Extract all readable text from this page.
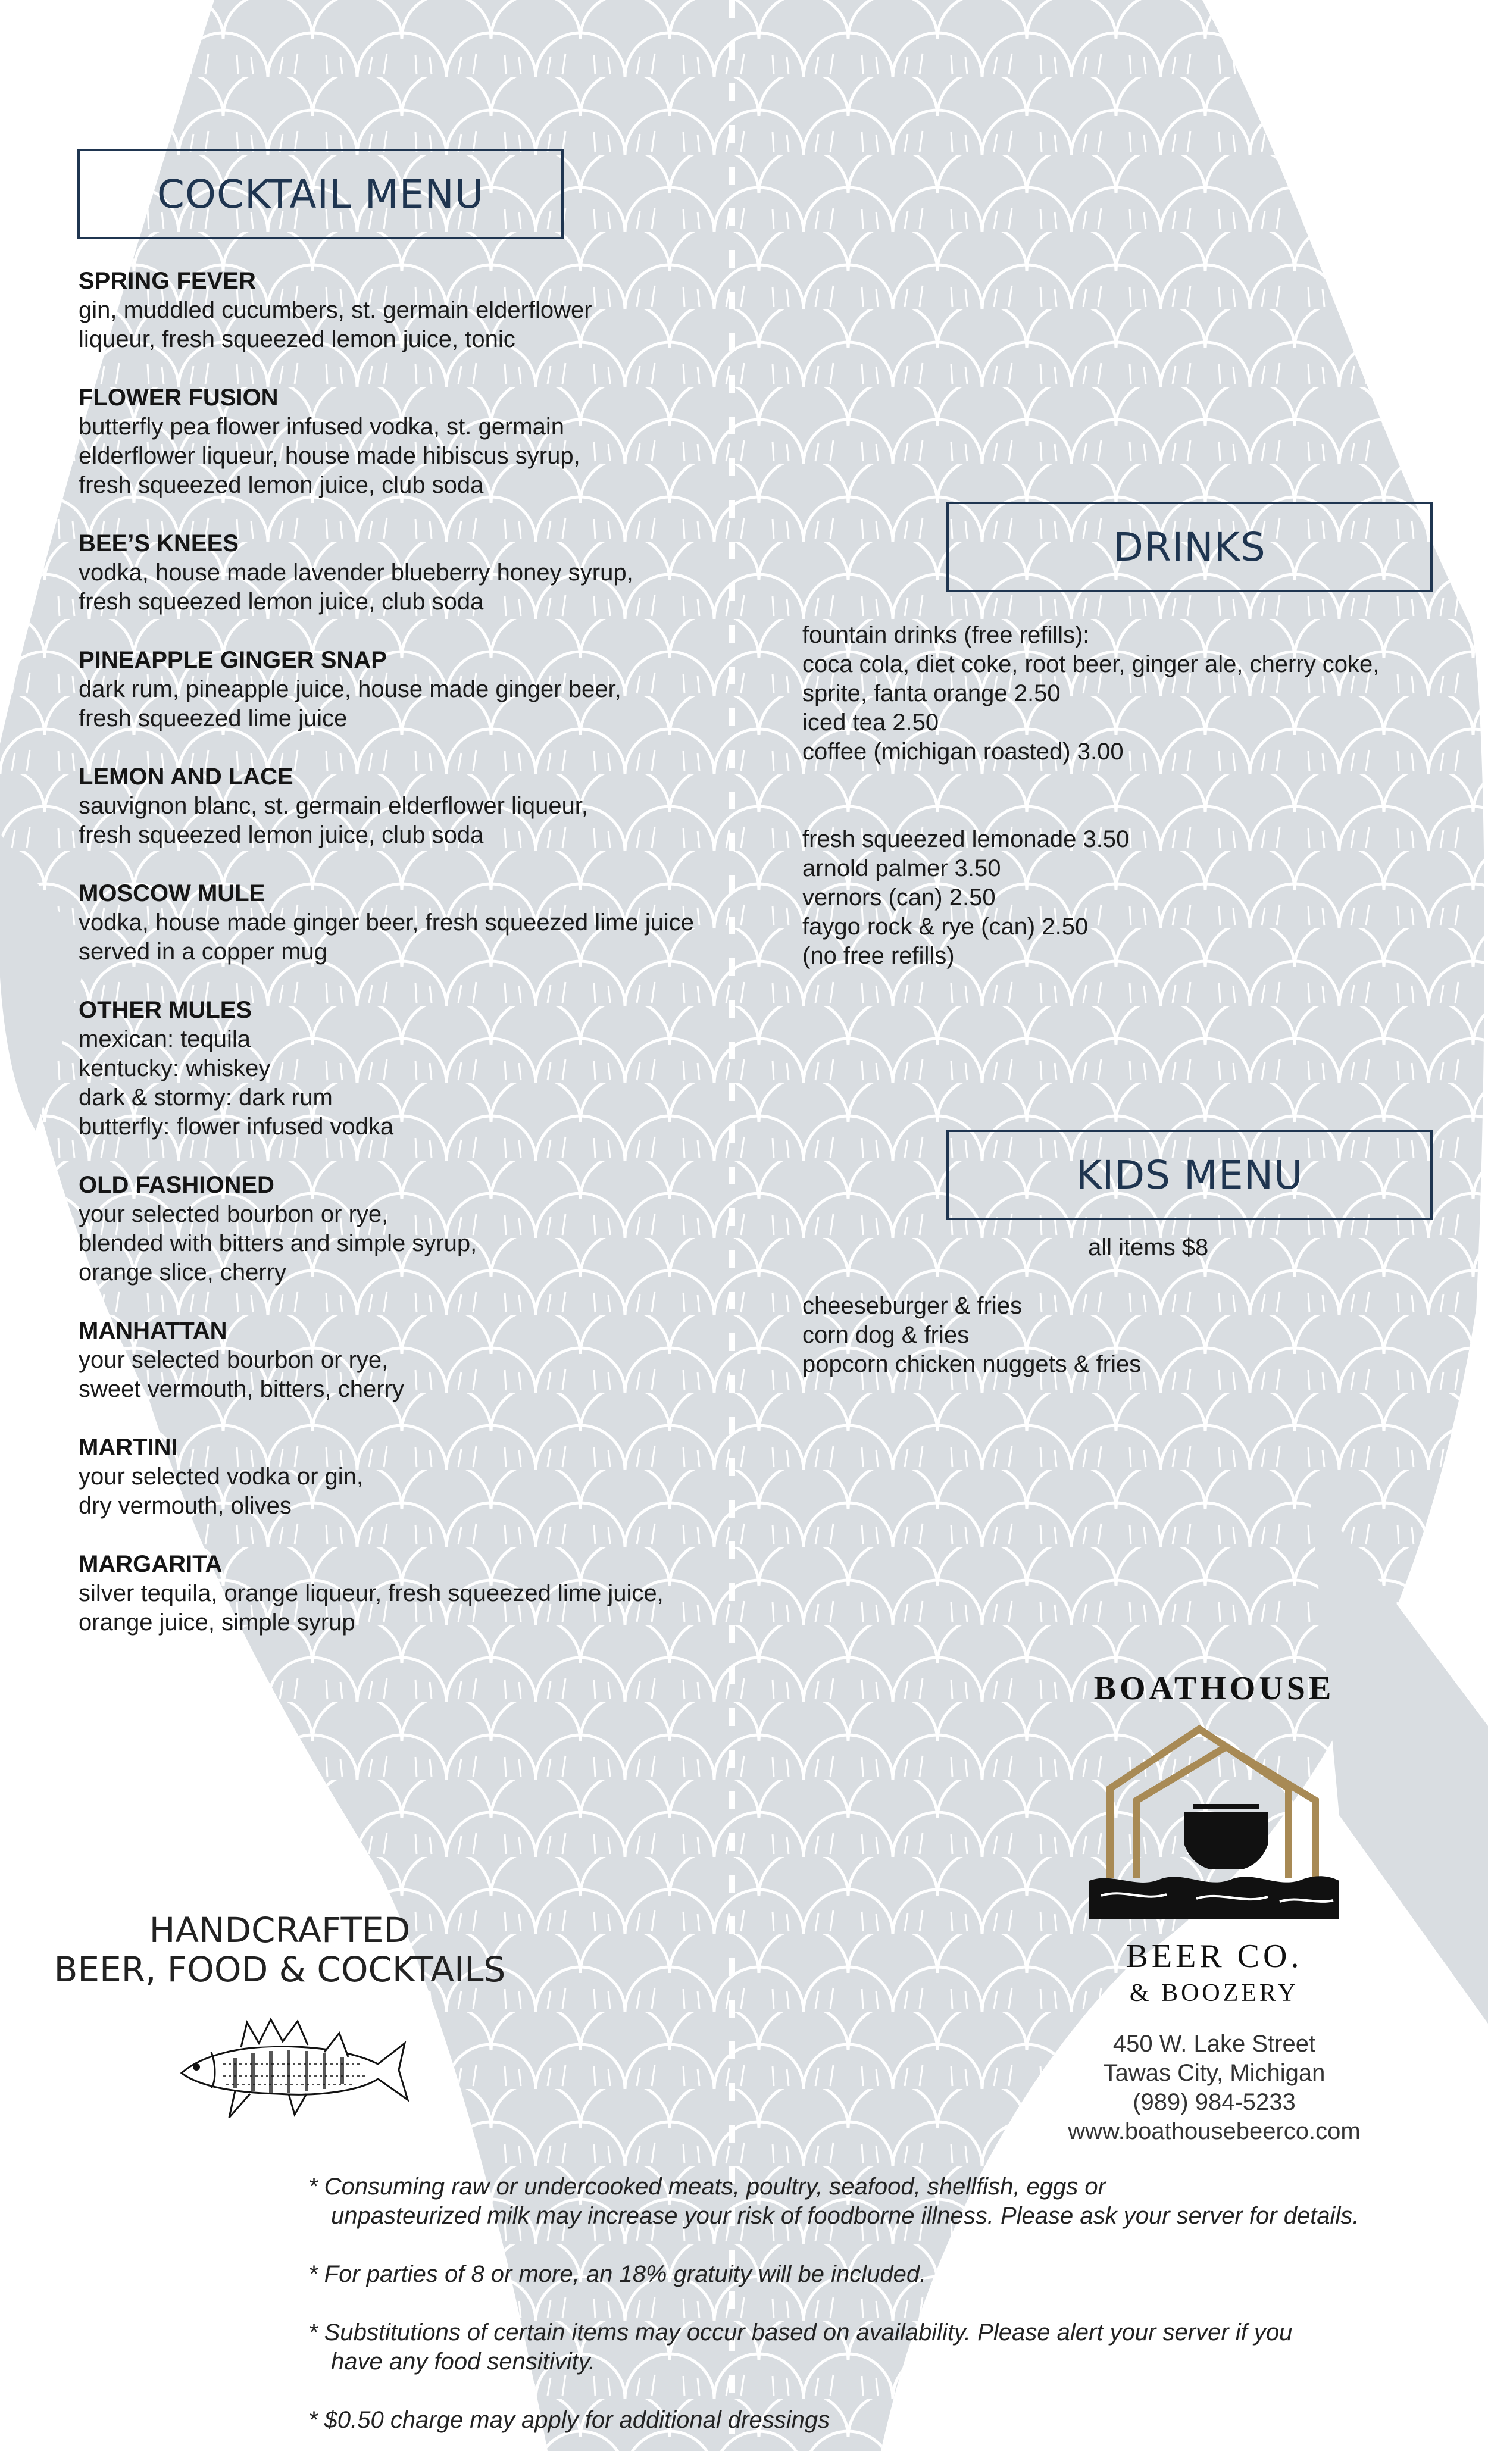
COCKTAIL MENU
SPRING FEVER
gin, muddled cucumbers, st. germain elderflower
liqueur, fresh squeezed lemon juice, tonic
FLOWER FUSION
butterfly pea flower infused vodka, st. germain
elderflower liqueur, house made hibiscus syrup,
fresh squeezed lemon juice, club soda
BEE’S KNEES
vodka, house made lavender blueberry honey syrup,
fresh squeezed lemon juice, club soda
PINEAPPLE GINGER SNAP
dark rum, pineapple juice, house made ginger beer,
fresh squeezed lime juice
LEMON AND LACE
sauvignon blanc, st. germain elderflower liqueur,
fresh squeezed lemon juice, club soda
MOSCOW MULE
vodka, house made ginger beer, fresh squeezed lime juice
served in a copper mug
OTHER MULES
mexican: tequila
kentucky: whiskey
dark & stormy: dark rum
butterfly: flower infused vodka
OLD FASHIONED
your selected bourbon or rye,
blended with bitters and simple syrup,
orange slice, cherry
MANHATTAN
your selected bourbon or rye,
sweet vermouth, bitters, cherry
MARTINI
your selected vodka or gin,
dry vermouth, olives
MARGARITA
silver tequila, orange liqueur, fresh squeezed lime juice,
orange juice, simple syrup
DRINKS
fountain drinks (free refills):
coca cola, diet coke, root beer, ginger ale, cherry coke,
sprite, fanta orange 2.50
iced tea 2.50
coffee (michigan roasted) 3.00
fresh squeezed lemonade 3.50
arnold palmer 3.50
vernors (can) 2.50
faygo rock & rye (can) 2.50
(no free refills)
KIDS MENU
all items $8
cheeseburger & fries
corn dog & fries
popcorn chicken nuggets & fries
HANDCRAFTED
BEER, FOOD & COCKTAILS
BOATHOUSE
BEER CO.
& BOOZERY
450 W. Lake Street
Tawas City, Michigan
(989) 984-5233
www.boathousebeerco.com
* Consuming raw or undercooked meats, poultry, seafood, shellfish, eggs or
unpasteurized milk may increase your risk of foodborne illness. Please ask your server for details.
* For parties of 8 or more, an 18% gratuity will be included.
* Substitutions of certain items may occur based on availability. Please alert your server if you
have any food sensitivity.
* $0.50 charge may apply for additional dressings
